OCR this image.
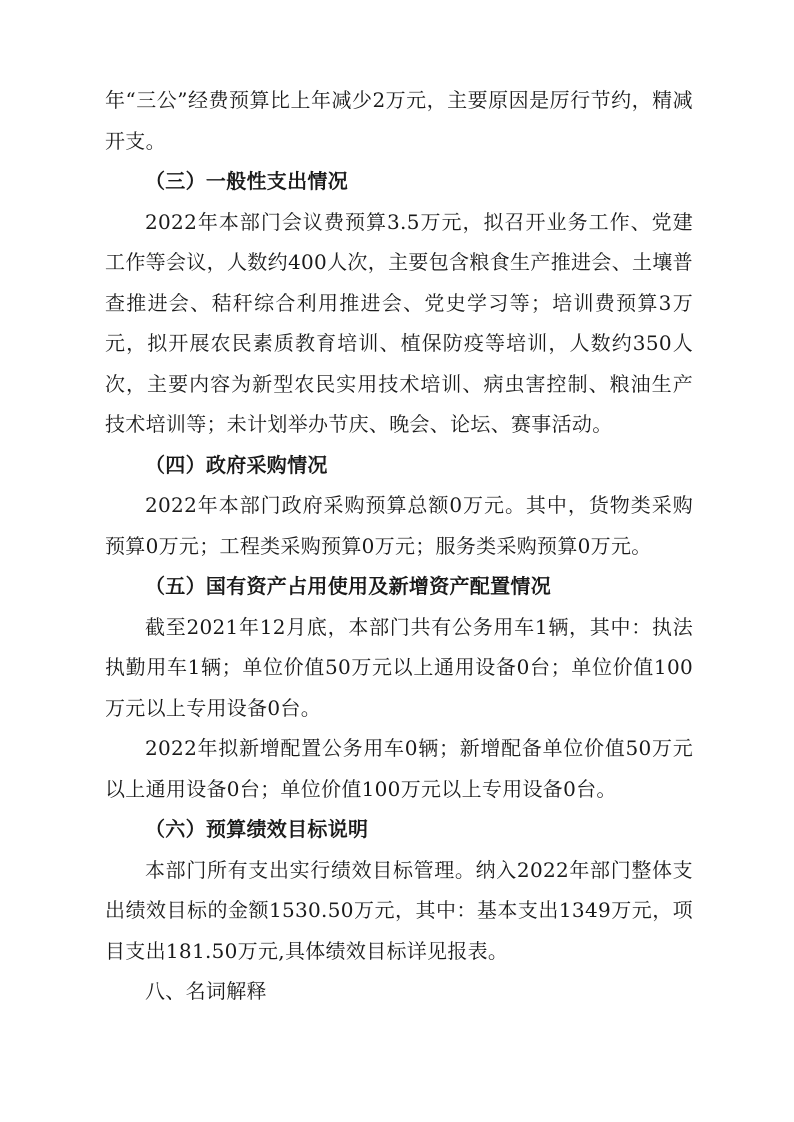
年“三公”经费预算比上年减少2万元，主要原因是厉行节约，精减开支。

（三）一般性支出情况

2022年本部门会议费预算3.5万元，拟召开业务工作、党建工作等会议，人数约400人次，主要包含粮食生产推进会、土壤普查推进会、秸秆综合利用推进会、党史学习等；培训费预算3万元，拟开展农民素质教育培训、植保防疫等培训，人数约350人次，主要内容为新型农民实用技术培训、病虫害控制、粮油生产技术培训等；未计划举办节庆、晚会、论坛、赛事活动。

（四）政府采购情况

2022年本部门政府采购预算总额0万元。其中，货物类采购预算0万元；工程类采购预算0万元；服务类采购预算0万元。

（五）国有资产占用使用及新增资产配置情况

截至2021年12月底，本部门共有公务用车1辆，其中：执法执勤用车1辆；单位价值50万元以上通用设备0台；单位价值100万元以上专用设备0台。

2022年拟新增配置公务用车0辆；新增配备单位价值50万元以上通用设备0台；单位价值100万元以上专用设备0台。

（六）预算绩效目标说明

本部门所有支出实行绩效目标管理。纳入2022年部门整体支出绩效目标的金额1530.50万元，其中：基本支出1349万元，项目支出181.50万元,具体绩效目标详见报表。

八、名词解释
